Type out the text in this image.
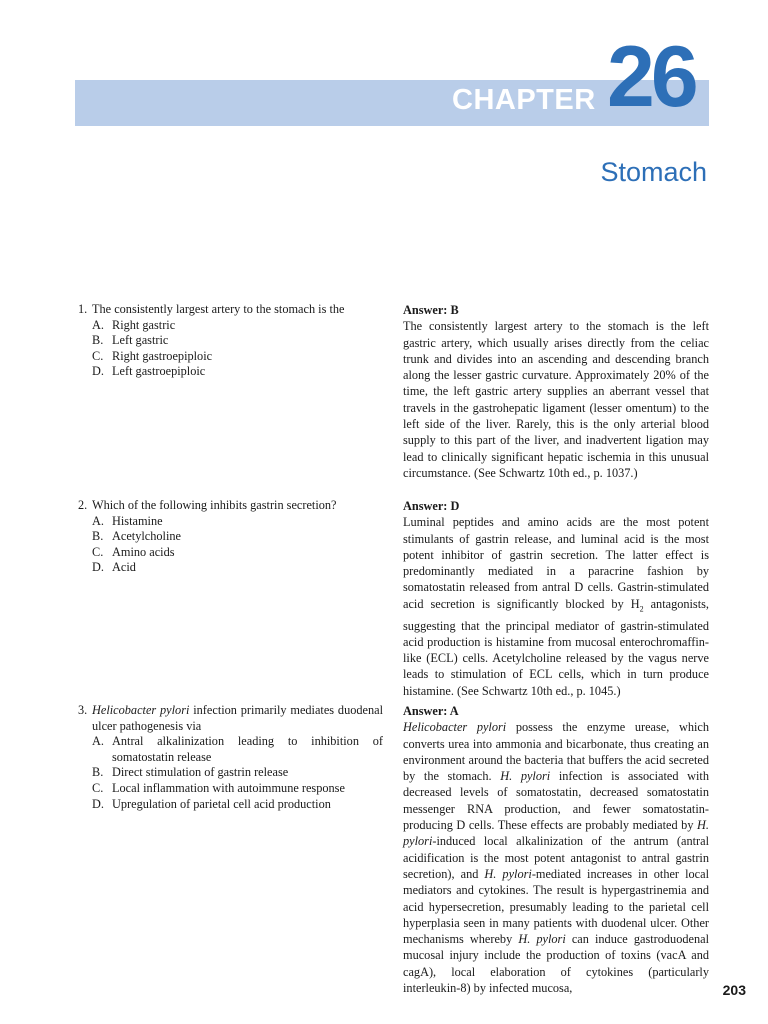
CHAPTER 26
Stomach
1. The consistently largest artery to the stomach is the
A. Right gastric
B. Left gastric
C. Right gastroepiploic
D. Left gastroepiploic
Answer: B
The consistently largest artery to the stomach is the left gastric artery, which usually arises directly from the celiac trunk and divides into an ascending and descending branch along the lesser gastric curvature. Approximately 20% of the time, the left gastric artery supplies an aberrant vessel that travels in the gastrohepatic ligament (lesser omentum) to the left side of the liver. Rarely, this is the only arterial blood supply to this part of the liver, and inadvertent ligation may lead to clinically significant hepatic ischemia in this unusual circumstance. (See Schwartz 10th ed., p. 1037.)
2. Which of the following inhibits gastrin secretion?
A. Histamine
B. Acetylcholine
C. Amino acids
D. Acid
Answer: D
Luminal peptides and amino acids are the most potent stimulants of gastrin release, and luminal acid is the most potent inhibitor of gastrin secretion. The latter effect is predominantly mediated in a paracrine fashion by somatostatin released from antral D cells. Gastrin-stimulated acid secretion is significantly blocked by $H_2$ antagonists, suggesting that the principal mediator of gastrin-stimulated acid production is histamine from mucosal enterochromaffin-like (ECL) cells. Acetylcholine released by the vagus nerve leads to stimulation of ECL cells, which in turn produce histamine. (See Schwartz 10th ed., p. 1045.)
3. Helicobacter pylori infection primarily mediates duodenal ulcer pathogenesis via
A. Antral alkalinization leading to inhibition of somatostatin release
B. Direct stimulation of gastrin release
C. Local inflammation with autoimmune response
D. Upregulation of parietal cell acid production
Answer: A
Helicobacter pylori possess the enzyme urease, which converts urea into ammonia and bicarbonate, thus creating an environment around the bacteria that buffers the acid secreted by the stomach. H. pylori infection is associated with decreased levels of somatostatin, decreased somatostatin messenger RNA production, and fewer somatostatin-producing D cells. These effects are probably mediated by H. pylori-induced local alkalinization of the antrum (antral acidification is the most potent antagonist to antral gastrin secretion), and H. pylori-mediated increases in other local mediators and cytokines. The result is hypergastrinemia and acid hypersecretion, presumably leading to the parietal cell hyperplasia seen in many patients with duodenal ulcer. Other mechanisms whereby H. pylori can induce gastroduodenal mucosal injury include the production of toxins (vacA and cagA), local elaboration of cytokines (particularly interleukin-8) by infected mucosa,	203
